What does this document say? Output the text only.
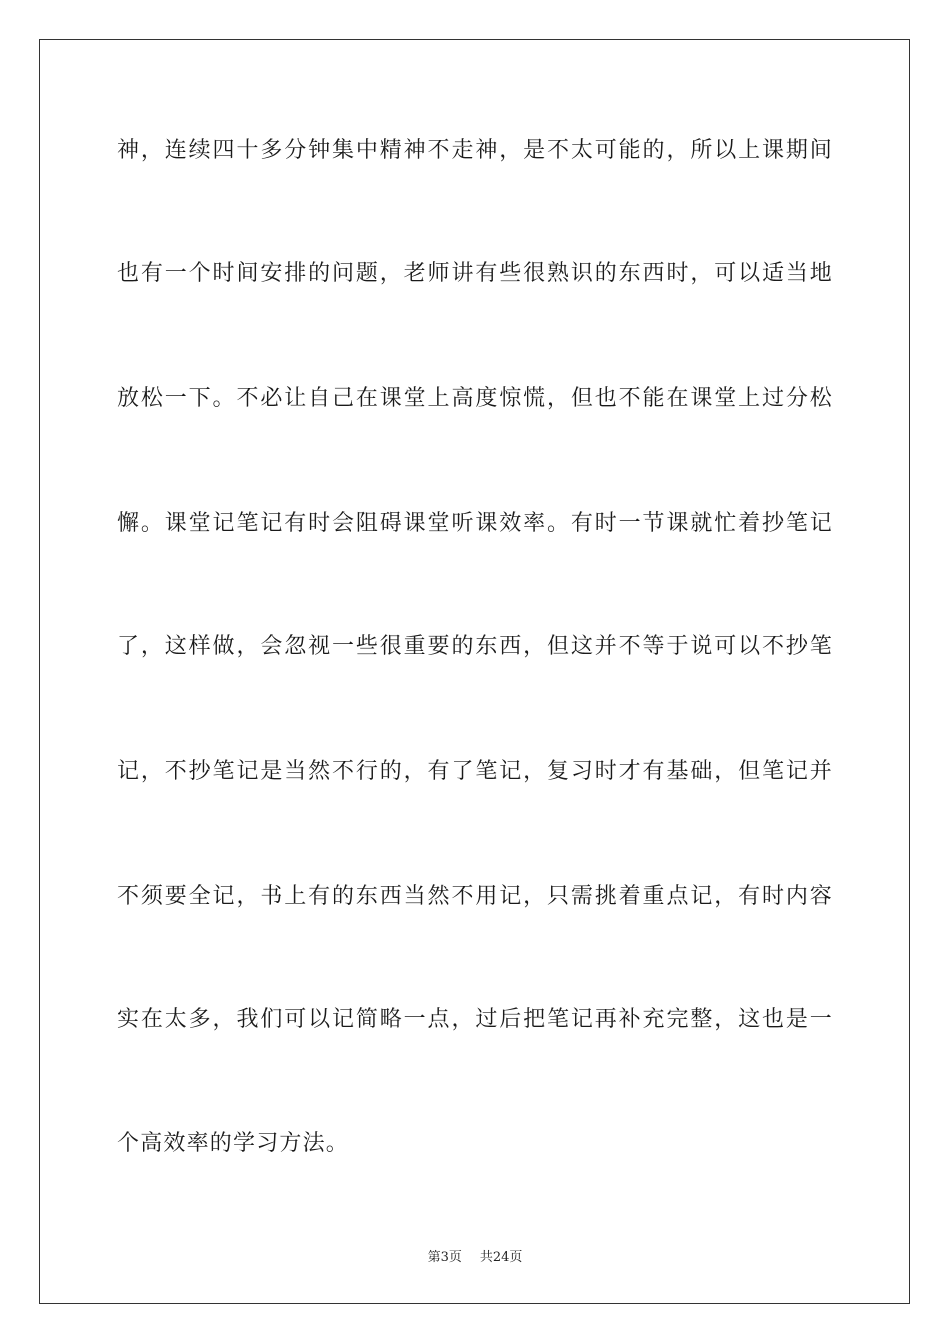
神，连续四十多分钟集中精神不走神，是不太可能的，所以上课期间
也有一个时间安排的问题，老师讲有些很熟识的东西时，可以适当地
放松一下。不必让自己在课堂上高度惊慌，但也不能在课堂上过分松
懈。课堂记笔记有时会阻碍课堂听课效率。有时一节课就忙着抄笔记
了，这样做，会忽视一些很重要的东西，但这并不等于说可以不抄笔
记，不抄笔记是当然不行的，有了笔记，复习时才有基础，但笔记并
不须要全记，书上有的东西当然不用记，只需挑着重点记，有时内容
实在太多，我们可以记简略一点，过后把笔记再补充完整，这也是一
个高效率的学习方法。
第3页 共24页
